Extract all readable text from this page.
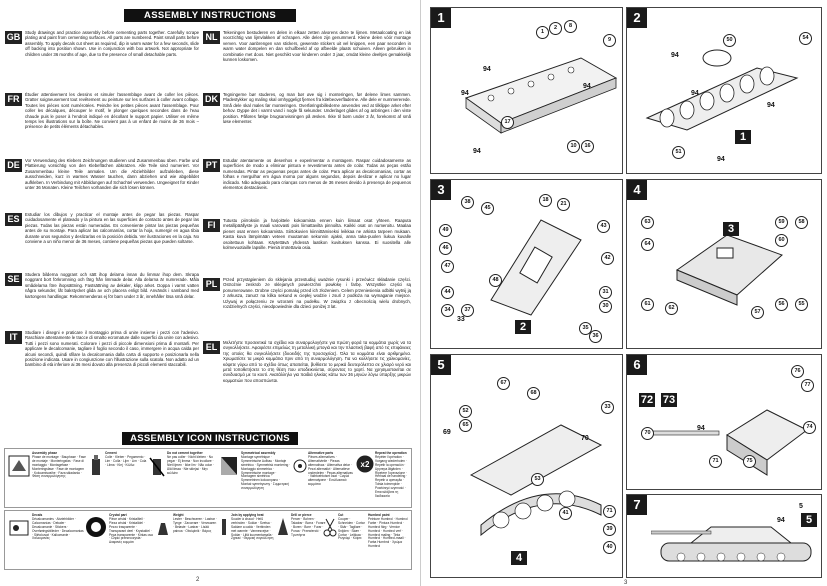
ASSEMBLY INSTRUCTIONS
GB	Study drawings and practice assembly before cementing parts together. Carefully scrape plating and paint from cementing surfaces. All parts are numbered. Paint small parts before assembly. To apply decals cut sheet as required, dip in warm water for a few seconds, slide off backing into position shown. Use in conjunction with box artwork. Not appropriate for children under 36 months of age, due to the presence of small detachable parts.
NL	Tekeningen bestuderen en delen in elkaar zetten alvorens deze te lijmen. Metaalcoating en lak voorzichtig van lijmvlakken af schrapen. Alle delen zijn genummerd. Kleine delen vóór montage verven. Voor aanbrengen van stickers, gewenste stickers uit vel knippen, een paar seconden in warm water dompelen en dan schuifbeeld af op afbeelde plaats schuiven. Alleen gebruiken in combinatie met doos. Niet geschikt voor kinderen onder 3 jaar, omdat kleine deeltjes gemakkelijk kunnen loskomen.
FR	Étudier attentivement les dessins et simuler l'assemblage avant de coller les pièces. Gratter soigneusement tout revêtement ou peinture sur les surfaces à coller avant collage. Toutes les pièces sont numérotées. Peindre les petites pièces avant l'assemblage. Pour coller les décalques, découper le motif, le plonger quelques secondes dans de l'eau chaude puis le poser à l'endroit indiqué en décollant le support papier. Utiliser en même temps les illustrations sur la boîte. Ne convient pas à un enfant de moins de 36 mois – présence de petits éléments détachables.
DK	Tegningerne bør studeres, og man bør øve sig i monteringen, før delene limes sammen. Pladestykker og maling skal omhyggeligt fjernes fra klæbeoverfladerne. Alle dele er nummererede. Små dele skal males før monteringen. Overføringsbillederne anvendes ved at tilklippe arket efter behov. Dyppe det i varmt vand i nogle få sekunder. Underlaget glides af og anbringes i den viste position. Påføres fælge brugsanvisningen på æsken. Ikke til børn under 3 år, forekomst af små løse elementer.
DE	Vor Verwendung des Klebers Zeichnungen studieren und Zusammenbau üben. Farbe und Plattierung vorsichtig von den Klebeflächen abkratzen. Alle Teile sind numeriert. Vor Zusammenbau kleine Teile anmalen. Um die Abziehbilder aufzukleben, diese ausschneiden, kurz in warmes Wasser tauchen, dann abziehen und wie abgebildet aufkleben. In Verbindung mit Abbildungen auf Schachtel verwenden. Ungeeignet für Kinder unter 36 Monaten. Kleine Teilchen vorhanden die sich lösen können.
PT	Estudar atentamente os desenhos e experimentar a montagem. Raspar cuidadosamente as superfícies de modo a eliminar pintura e revestimento antes de colar. Todas as peças estão numeradas. Pintar as pequenas peças antes de colar. Para aplicar as decalcomanias, cortar as folhas e mergulhar em água morna por alguns segundos, depois deslizar e aplicar no lugar indicado. Não adequado para crianças com menos de 36 meses devido à presença de pequenos elementos destacáveis.
ES	Estudiar los dibujos y practicar el montaje antes de pegar las piezas. Raspar cuidadosamente el plateado y la pintura en las superficies de contacto antes de pegar las piezas. Todas las piezas están numeradas. Es conveniente pintar las piezas pequeñas antes de su montaje. Para aplicar las calcomanías, cortar la hoja, sumergir en agua tibia durante unos segundos y deslizarlas en la posición debida. Ver ilustraciones en la caja. No conviene a un niño menor de 36 meses, contiene pequeñas piezas que pueden soltarse.
FI	Tutustu piirroksiin ja harjoittele kokoamista ennen kuin liimaat osat yhteen. Raaputa metallipäällyste ja maali varovasti pois liimattavilta pinnoilta. Kaikki osat on numeroitu. Maalaa pienet osat ennen kokoamista. Siirtokuvien kiinnittämiseksi leikkaa ne arkista tarpeen mukaan. Kasta kuva lämpimään veteen muutaman sekunnin ajaksi, anna taka-puolen liukua kuvalle osoitettuun kohtaan. Käytettävä yhdessä laatikon kuvituksen kanssa. Ei suositella alle kolmevuotiaille lapsille. Pieniä irrotettavia osia.
SE	Studera bilderna noggrant och sätt ihop delarna innan du limmar ihop dem. Skrapa noggrant bort förkromning och färg från limmade delar. Alla delarna är numrerade. Måla smådelarna före ihopsättning. Fastsättning av dekaler, klipp arket. Doppa i varmt vatten några sekunder, låt bakstycket glida av och placera enligt bild. Används i samband med kartongens handlingar. Rekommenderas ej för barn under 3 år, innehåller lösa små delar.
PL	Przed przystąpieniem do sklejania przestudiuj uważnie rysunki i przećwicz składanie części. Ostrożnie zeskrob ze sklejanych powierzchni powłokę i farbę. Wszystkie części są ponumerowane. Drobne części pomaluj przed ich złożeniem. Celem przeniesienia odbitki wytnij ją z arkusza, zanurz na kilka sekund w ciepłej wodzie i zsuń z podłoża na wymaganie miejsce. Używaj w połączeniu ze wzorami na pudełku. W związku z obecnością wielu drobnych, rozdzielnych części, nieodpowiednie dla dzieci poniżej 3 lat.
IT	Studiare i disegni e praticare il montaggio prima di unire insieme i pezzi con l'adesivo. Raschiare attentamente le tracce di smalto ecromature dalle superfici da unire con adesivo. Tutti i pezzi sono numerati. Colorare i pezzi di piccole dimensioni prima di montarli. Per applicare le decalcomanie, tagliare il foglio secondo il caso, immergere in acqua calda per alcuni secondi, quindi sfilare la decalcomania dalla carta di supporto e posizionarla nella posizione indicata. Usare in congiunzione con l'illustrazione sulla scatola. Non adatto ad un bambino di età inferiore ai 36 mesi dovuto alla presenza di piccoli elementi staccabili.
EL	Μελετήστε προσεκτικά τα σχέδια και συναρμολογήστε για πρώτη φορά τα κομμάτια χωρίς να τα συγκολλήσετε. Αφαιρέστε επιμελώς τη μεταλλική μπογιά και την πλαστική βαφή από τις επιφάνειες της οποίες θα συγκολλήσετε (δυοειδής της προσοχείας). Όλα τα κομμάτια είναι αριθμημένα. Χρωματίστε τα μικρά κομμάτια πριν από τη συναρμολόγηση. Για να κολλήσετε τις χαλκομανίες, κόψετε γύρω από το σχέδιο όπως απαιτείται, βυθίσετε το μερικά δευτερόλεπτα σε χλιαρό νερό και μετά τοποθετήσετε το στη θέση που υποδεικνύεται, σύροντας το χαρτί. Να χρησιμοποιείται σε συνδυασμό με το κουτί. Ακατάλληλο για παιδιά ηλικίας κάτω των 36 μηνών λόγω ύπαρξης μικρών κομματιών που αποσπώνται.
ASSEMBLY ICON INSTRUCTIONS
Assembly phase
Phase de montage · Bauphase · Fase de montaje · Monteringsfas · Fase di montaggio · Montagefase · Monteringsfase · Fase de montagem · Kokoamisvaihe · Faza składania · Φάση συναρμολόγησης
Cement
Colle · Kleber · Pegamento · Lim · Colla · Lijm · Lim · Cola · Liima · Klej · Κόλλα
Do not cement together
Ne pas coller · Nicht kleben · No pegar · Ej limma · Non incollare · Niet lijmen · Ikke lim · Não colar · Älä liimaa · Nie sklejać · Μην κολλάτε
Symmetrical assembly
Montage symétrique · Symmetrische Aufbau · Montaje simétrico · Symmetrisk montering · Montaggio simmetrico · Symmetrische montage · Montagem simétrica · Symmetrinen kokoonpano · Montaż symetryczny · Συμμετρική συναρμολόγηση
Alternative parts
Pièces alternatives · Alternativteile · Piezas alternativas · Alternativa delar · Pezzi alternativi · Alternatieve onderdelen · Peças alternativas · Vaihtoehtoiset osat · Części alternatywne · Εναλλακτικά κομμάτια
x2
Repeat the operation
Répéter l'opération · Vorgang wiederholen · Repetir la operación · Upprepa åtgärden · Ripetere l'operazione · Herhaal de handeling · Repetir a operação · Toista toimenpide · Powtórzyć czynność · Επαναλάβατε τη διαδικασία
Decals
Décalcomanies · Abziehbilder · Calcomanías · Dekaler · Decalcomanie · Stickers · Overføringsbilleder · Decalcomanias · Siirtokuvat · Kalkomanie · Χαλκομανίες
Crystal part
Pièce cristal · Kristallteil · Pieza cristal · Kristalldel · Pezzo trasparente · Transparant deel · Krystaldel · Peça transparente · Kirkas osa · Część przezroczysta · Διαφανές κομμάτι
Weight
Lester · Beschweren · Lastrar · Tynge · Zavorrare · Verzwaren · Belaste · Lastrar · Lisää painoa · Obciążnik · Βάρος
Join by applying heat
Souder à chaud · Heiß verbinden · Soldar · Svetsa · Saldare a caldo · Verbinden met warmte · Varmesvejse · Soldar · Liitä kuumentamalla · Zgrzać · Θερμική συγκόλληση
Drill or pierce
Percer · Bohren · Taladrar · Borra · Forare · Boren · Bore · Furar · Poraa · Przewiercić · Τρυπήστε
Cut
Couper · Schneiden · Cortar · Skär · Tagliare · Snijden · Skær · Cortar · Leikkaa · Przyciąć · Κόψτε
Humbrol paint
Peinture Humbrol · Humbrol Farbe · Pintura Humbrol · Humbrol färg · Vernice Humbrol · Humbrol verf · Humbrol maling · Tinta Humbrol · Humbrol-maali · Farba Humbrol · Χρώμα Humbrol
2
1
1
2	8
9
94
94
94
94
17
10	16
2
50	54
94
94
94
51
94
1
3
38
45
18
21
49
46
47
43
42
48
44	31
30
33
34	37
35
36
2
4
63
64
3
59	58
60
61
62
57
56	55
5
67
68
52
65
69
33
70
53
71
39
40
41
4
6	76
77
72 73
74
75
70
71
94
7	5
94	5
3
